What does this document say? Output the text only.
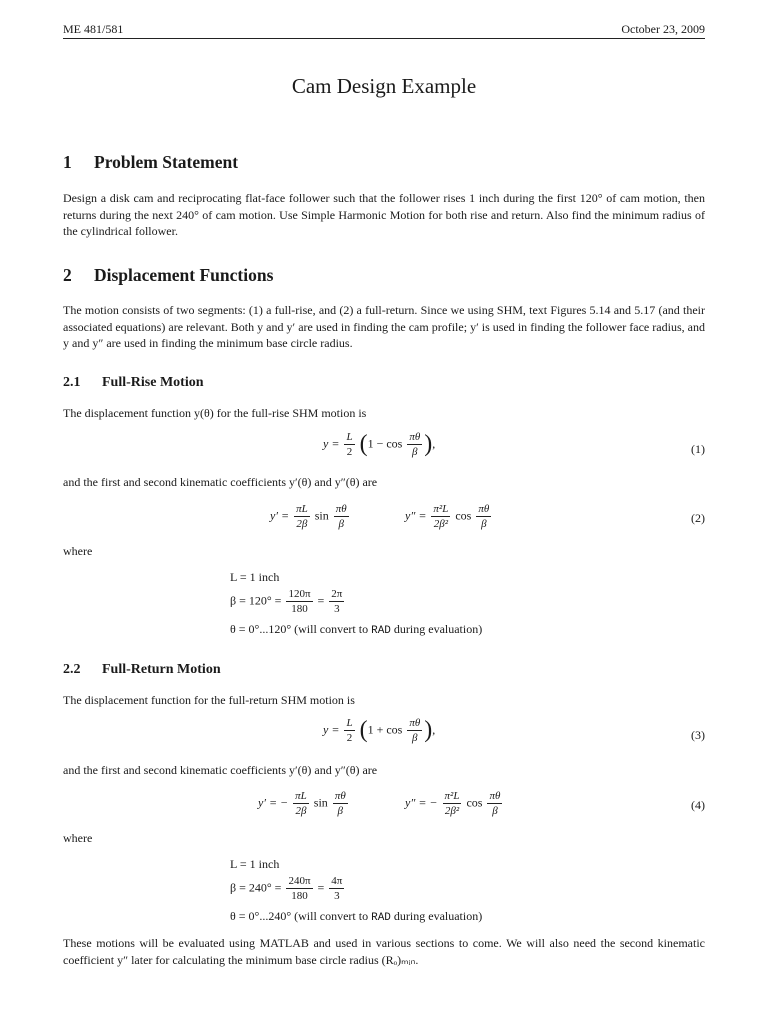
ME 481/581	October 23, 2009
Cam Design Example
1 Problem Statement
Design a disk cam and reciprocating flat-face follower such that the follower rises 1 inch during the first 120° of cam motion, then returns during the next 240° of cam motion. Use Simple Harmonic Motion for both rise and return. Also find the minimum radius of the cylindrical follower.
2 Displacement Functions
The motion consists of two segments: (1) a full-rise, and (2) a full-return. Since we using SHM, text Figures 5.14 and 5.17 (and their associated equations) are relevant. Both y and y′ are used in finding the cam profile; y′ is used in finding the follower face radius, and y and y″ are used in finding the minimum base circle radius.
2.1 Full-Rise Motion
The displacement function y(θ) for the full-rise SHM motion is
$y = \frac{L}{2} (1 - \cos \frac{\pi\theta}{\beta}$ ),	(1)
and the first and second kinematic coefficients y′(θ) and y″(θ) are
$y' = \frac{\pi L}{2\beta}$ $\sin \frac{\pi\theta}{\beta}$	$y'' = \frac{\text{π²L}}{\text{2β²}}$ $\cos \frac{\pi\theta}{\beta}$	(2)
where
L = 1 inch
$\beta = 120^\circ = \frac{120\pi}{180} = \frac{2\pi}{3}$
θ = 0°...120° (will convert to RAD during evaluation)
2.2 Full-Return Motion
The displacement function for the full-return SHM motion is
$y = \frac{L}{2} (1 + \cos \frac{\pi\theta}{\beta}$ ),	(3)
and the first and second kinematic coefficients y′(θ) and y″(θ) are
y′ = − $\frac{\pi L}{2\beta}$ $\sin \frac{\pi\theta}{\beta}$	y″ = − $\frac{\text{π²L}}{\text{2β²}}$ $\cos \frac{\pi\theta}{\beta}$	(4)
where
L = 1 inch
$\beta = 240^\circ = \frac{240\pi}{180} = \frac{4\pi}{3}$
θ = 0°...240° (will convert to RAD during evaluation)
These motions will be evaluated using MATLAB and used in various sections to come. We will also need the second kinematic coefficient y″ later for calculating the minimum base circle radius (Rₒ)ₘᵢₙ.
